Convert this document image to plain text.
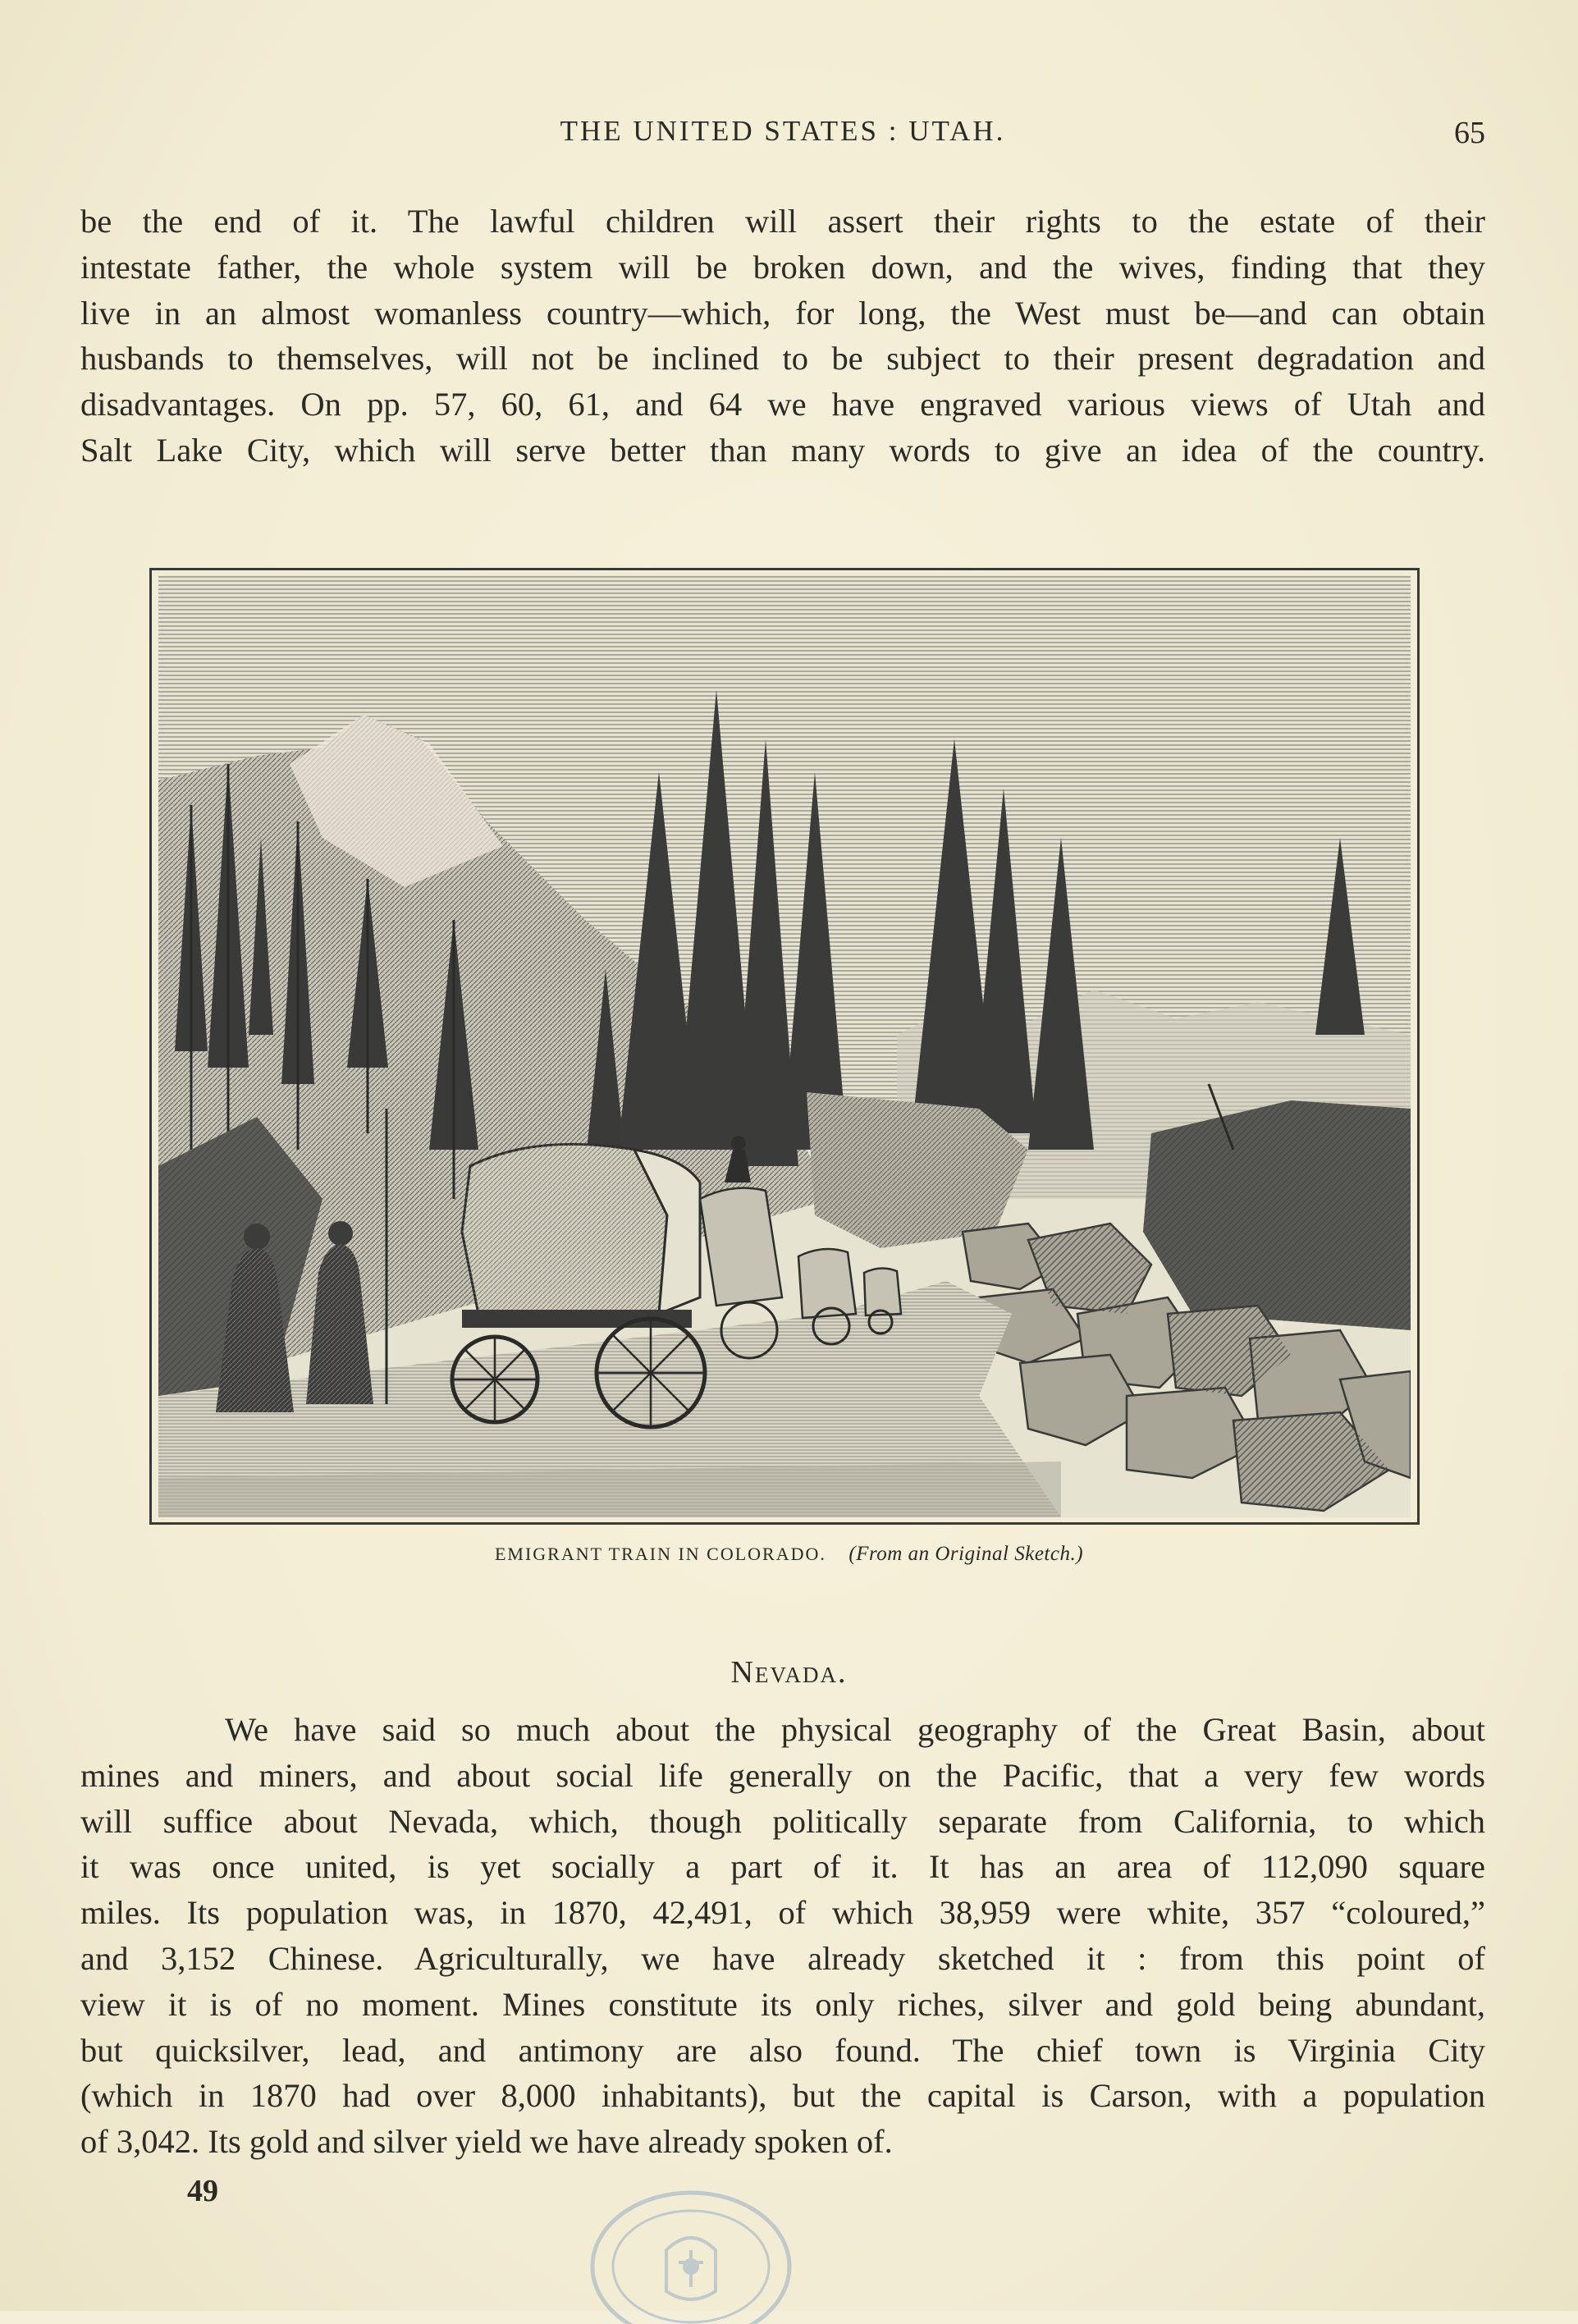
THE UNITED STATES : UTAH.	65
be the end of it. The lawful children will assert their rights to the estate of their
intestate father, the whole system will be broken down, and the wives, finding that they
live in an almost womanless country—which, for long, the West must be—and can obtain
husbands to themselves, will not be inclined to be subject to their present degradation and
disadvantages. On pp. 57, 60, 61, and 64 we have engraved various views of Utah and
Salt Lake City, which will serve better than many words to give an idea of the country.
EMIGRANT TRAIN IN COLORADO. (From an Original Sketch.)
Nevada.
We have said so much about the physical geography of the Great Basin, about
mines and miners, and about social life generally on the Pacific, that a very few words
will suffice about Nevada, which, though politically separate from California, to which
it was once united, is yet socially a part of it. It has an area of 112,090 square
miles. Its population was, in 1870, 42,491, of which 38,959 were white, 357 “coloured,”
and 3,152 Chinese. Agriculturally, we have already sketched it : from this point of
view it is of no moment. Mines constitute its only riches, silver and gold being abundant,
but quicksilver, lead, and antimony are also found. The chief town is Virginia City
(which in 1870 had over 8,000 inhabitants), but the capital is Carson, with a population
of 3,042. Its gold and silver yield we have already spoken of.
49
